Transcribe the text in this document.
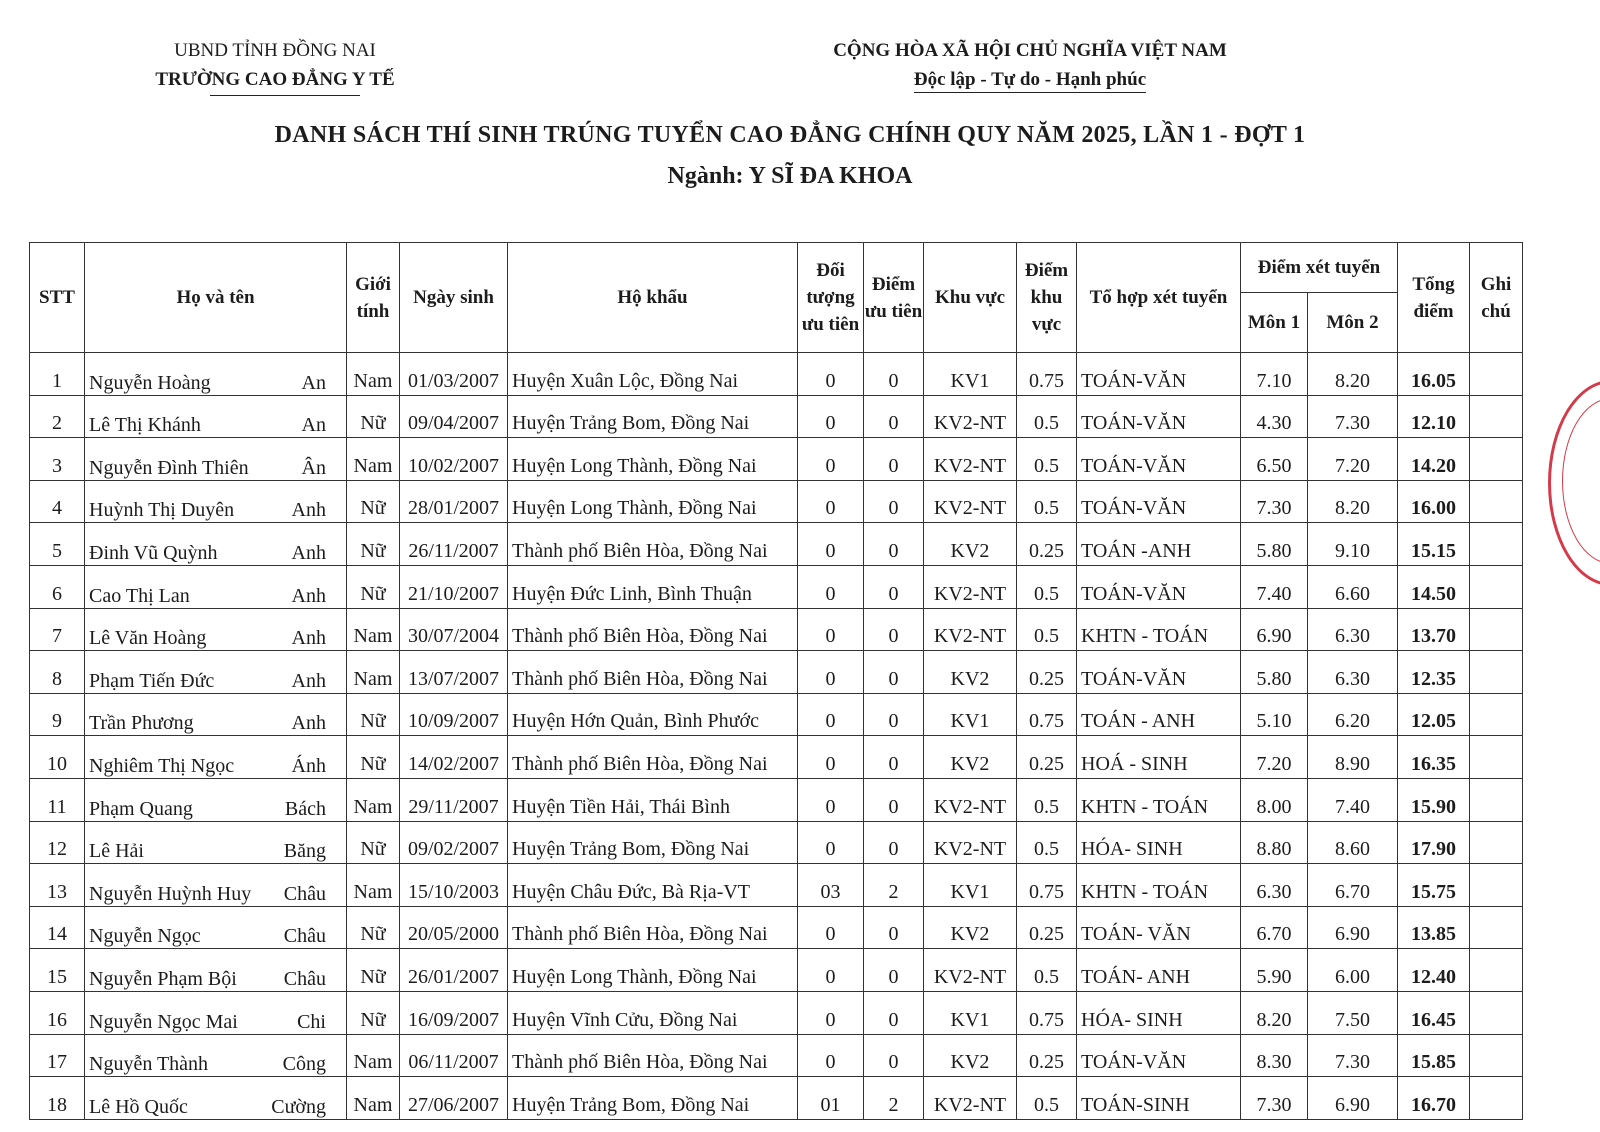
UBND TỈNH ĐỒNG NAI
TRƯỜNG CAO ĐẲNG Y TẾ
CỘNG HÒA XÃ HỘI CHỦ NGHĨA VIỆT NAM
Độc lập - Tự do - Hạnh phúc
DANH SÁCH THÍ SINH TRÚNG TUYỂN CAO ĐẲNG CHÍNH QUY NĂM 2025, LẦN 1 - ĐỢT 1
Ngành: Y SĨ ĐA KHOA
STT	Họ và tên	Giới tính	Ngày sinh	Hộ khẩu	Đối tượng ưu tiên	Điểm ưu tiên	Khu vực	Điểm khu vực	Tổ hợp xét tuyển	Điểm xét tuyển		Tổng điểm	Ghi chú
										Môn 1	Môn 2		
1	Nguyễn Hoàng An	Nam	01/03/2007	Huyện Xuân Lộc, Đồng Nai	0	0	KV1	0.75	TOÁN-VĂN	7.10	8.20	16.05	
2	Lê Thị Khánh An	Nữ	09/04/2007	Huyện Trảng Bom, Đồng Nai	0	0	KV2-NT	0.5	TOÁN-VĂN	4.30	7.30	12.10	
3	Nguyễn Đình Thiên Ân	Nam	10/02/2007	Huyện Long Thành, Đồng Nai	0	0	KV2-NT	0.5	TOÁN-VĂN	6.50	7.20	14.20	
4	Huỳnh Thị Duyên Anh	Nữ	28/01/2007	Huyện Long Thành, Đồng Nai	0	0	KV2-NT	0.5	TOÁN-VĂN	7.30	8.20	16.00	
5	Đinh Vũ Quỳnh Anh	Nữ	26/11/2007	Thành phố Biên Hòa, Đồng Nai	0	0	KV2	0.25	TOÁN -ANH	5.80	9.10	15.15	
6	Cao Thị Lan Anh	Nữ	21/10/2007	Huyện Đức Linh, Bình Thuận	0	0	KV2-NT	0.5	TOÁN-VĂN	7.40	6.60	14.50	
7	Lê Văn Hoàng Anh	Nam	30/07/2004	Thành phố Biên Hòa, Đồng Nai	0	0	KV2-NT	0.5	KHTN - TOÁN	6.90	6.30	13.70	
8	Phạm Tiến Đức Anh	Nam	13/07/2007	Thành phố Biên Hòa, Đồng Nai	0	0	KV2	0.25	TOÁN-VĂN	5.80	6.30	12.35	
9	Trần Phương Anh	Nữ	10/09/2007	Huyện Hớn Quản, Bình Phước	0	0	KV1	0.75	TOÁN - ANH	5.10	6.20	12.05	
10	Nghiêm Thị Ngọc Ánh	Nữ	14/02/2007	Thành phố Biên Hòa, Đồng Nai	0	0	KV2	0.25	HOÁ - SINH	7.20	8.90	16.35	
11	Phạm Quang Bách	Nam	29/11/2007	Huyện Tiền Hải, Thái Bình	0	0	KV2-NT	0.5	KHTN - TOÁN	8.00	7.40	15.90	
12	Lê Hải Băng	Nữ	09/02/2007	Huyện Trảng Bom, Đồng Nai	0	0	KV2-NT	0.5	HÓA- SINH	8.80	8.60	17.90	
13	Nguyễn Huỳnh Huy Châu	Nam	15/10/2003	Huyện Châu Đức, Bà Rịa-VT	03	2	KV1	0.75	KHTN - TOÁN	6.30	6.70	15.75	
14	Nguyễn Ngọc Châu	Nữ	20/05/2000	Thành phố Biên Hòa, Đồng Nai	0	0	KV2	0.25	TOÁN- VĂN	6.70	6.90	13.85	
15	Nguyễn Phạm Bội Châu	Nữ	26/01/2007	Huyện Long Thành, Đồng Nai	0	0	KV2-NT	0.5	TOÁN- ANH	5.90	6.00	12.40	
16	Nguyễn Ngọc Mai Chi	Nữ	16/09/2007	Huyện Vĩnh Cửu, Đồng Nai	0	0	KV1	0.75	HÓA- SINH	8.20	7.50	16.45	
17	Nguyễn Thành Công	Nam	06/11/2007	Thành phố Biên Hòa, Đồng Nai	0	0	KV2	0.25	TOÁN-VĂN	8.30	7.30	15.85	
18	Lê Hồ Quốc Cường	Nam	27/06/2007	Huyện Trảng Bom, Đồng Nai	01	2	KV2-NT	0.5	TOÁN-SINH	7.30	6.90	16.70	
